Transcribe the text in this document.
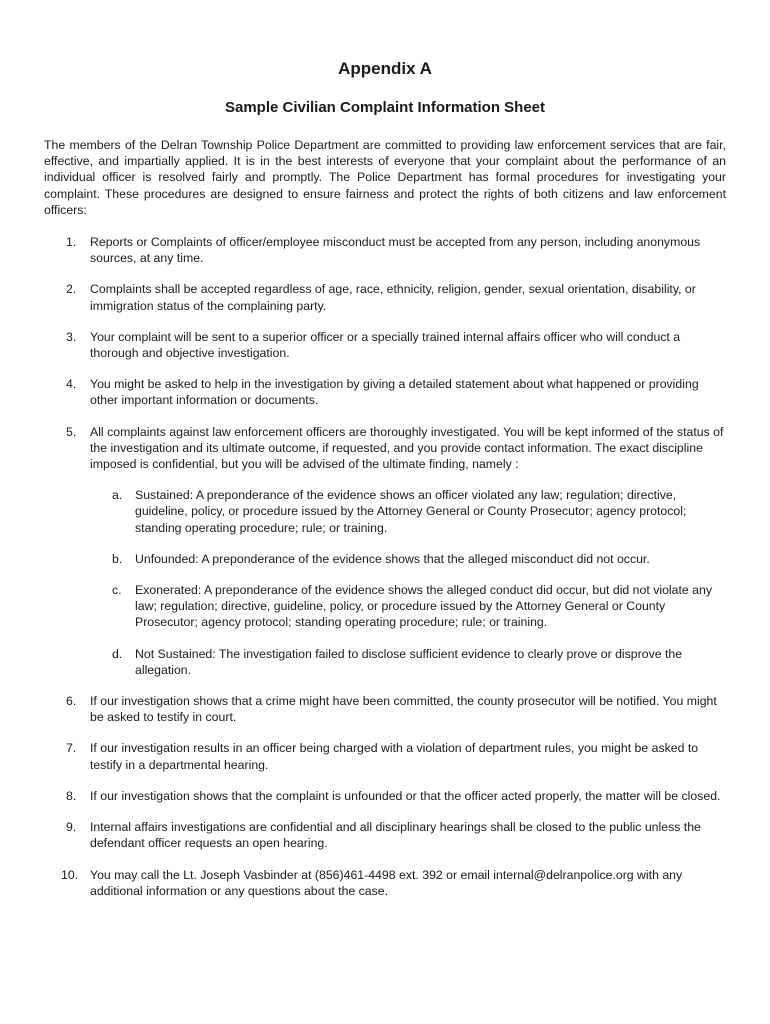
Appendix A
Sample Civilian Complaint Information Sheet

The members of the Delran Township Police Department are committed to providing law enforcement services that are fair, effective, and impartially applied. It is in the best interests of everyone that your complaint about the performance of an individual officer is resolved fairly and promptly. The Police Department has formal procedures for investigating your complaint. These procedures are designed to ensure fairness and protect the rights of both citizens and law enforcement officers:

1. Reports or Complaints of officer/employee misconduct must be accepted from any person, including anonymous sources, at any time.
2. Complaints shall be accepted regardless of age, race, ethnicity, religion, gender, sexual orientation, disability, or immigration status of the complaining party.
3. Your complaint will be sent to a superior officer or a specially trained internal affairs officer who will conduct a thorough and objective investigation.
4. You might be asked to help in the investigation by giving a detailed statement about what happened or providing other important information or documents.
5. All complaints against law enforcement officers are thoroughly investigated. You will be kept informed of the status of the investigation and its ultimate outcome, if requested, and you provide contact information. The exact discipline imposed is confidential, but you will be advised of the ultimate finding, namely :
a. Sustained: A preponderance of the evidence shows an officer violated any law; regulation; directive, guideline, policy, or procedure issued by the Attorney General or County Prosecutor; agency protocol; standing operating procedure; rule; or training.
b. Unfounded: A preponderance of the evidence shows that the alleged misconduct did not occur.
c. Exonerated: A preponderance of the evidence shows the alleged conduct did occur, but did not violate any law; regulation; directive, guideline, policy, or procedure issued by the Attorney General or County Prosecutor; agency protocol; standing operating procedure; rule; or training.
d. Not Sustained: The investigation failed to disclose sufficient evidence to clearly prove or disprove the allegation.
6. If our investigation shows that a crime might have been committed, the county prosecutor will be notified. You might be asked to testify in court.
7. If our investigation results in an officer being charged with a violation of department rules, you might be asked to testify in a departmental hearing.
8. If our investigation shows that the complaint is unfounded or that the officer acted properly, the matter will be closed.
9. Internal affairs investigations are confidential and all disciplinary hearings shall be closed to the public unless the defendant officer requests an open hearing.
10. You may call the Lt. Joseph Vasbinder at (856)461-4498 ext. 392 or email internal@delranpolice.org with any additional information or any questions about the case.
